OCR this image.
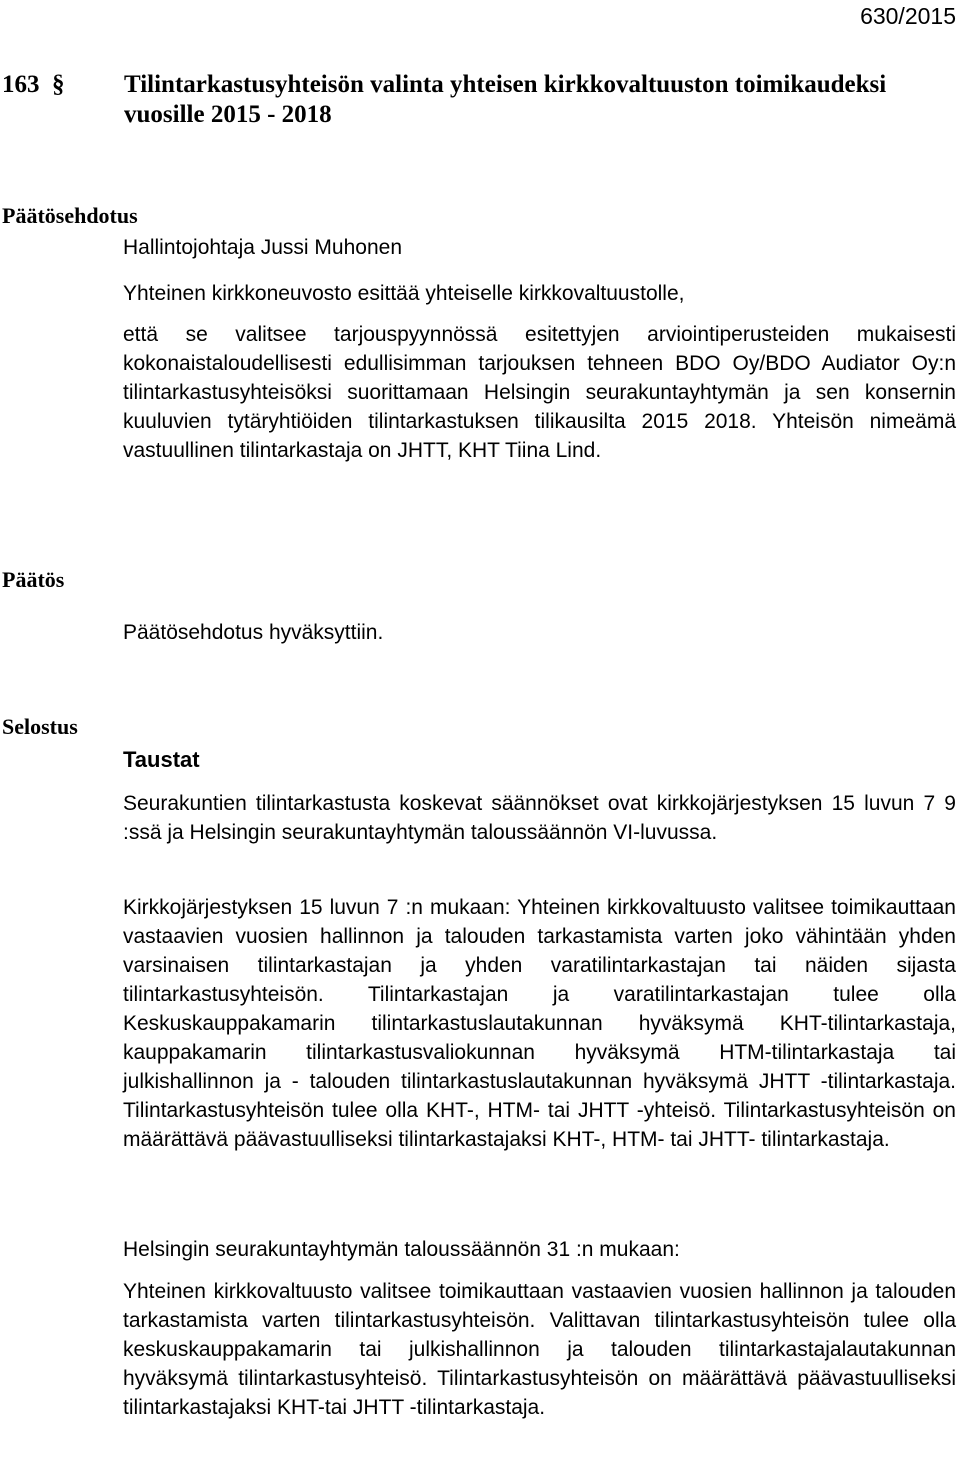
630/2015
163 § Tilintarkastusyhteisön valinta yhteisen kirkkovaltuuston toimikaudeksi vuosille 2015 - 2018
Päätösehdotus
Hallintojohtaja Jussi Muhonen
Yhteinen kirkkoneuvosto esittää yhteiselle kirkkovaltuustolle,
että se valitsee tarjouspyynnössä esitettyjen arviointiperusteiden mukaisesti kokonaistaloudellisesti edullisimman tarjouksen tehneen BDO Oy/BDO Audiator Oy:n tilintarkastusyhteisöksi suorittamaan Helsingin seurakuntayhtymän ja sen konsernin kuuluvien tytäryhtiöiden tilintarkastuksen tilikausilta 2015 2018. Yhteisön nimeämä vastuullinen tilintarkastaja on JHTT, KHT Tiina Lind.
Päätös
Päätösehdotus hyväksyttiin.
Selostus
Taustat
Seurakuntien tilintarkastusta koskevat säännökset ovat kirkkojärjestyksen 15 luvun 7 9 :ssä ja Helsingin seurakuntayhtymän taloussäännön VI-luvussa.
Kirkkojärjestyksen 15 luvun 7 :n mukaan: Yhteinen kirkkovaltuusto valitsee toimikauttaan vastaavien vuosien hallinnon ja talouden tarkastamista varten joko vähintään yhden varsinaisen tilintarkastajan ja yhden varatilintarkastajan tai näiden sijasta tilintarkastusyhteisön. Tilintarkastajan ja varatilintarkastajan tulee olla Keskuskauppakamarin tilintarkastuslautakunnan hyväksymä KHT-tilintarkastaja, kauppakamarin tilintarkastusvaliokunnan hyväksymä HTM-tilintarkastaja tai julkishallinnon ja - talouden tilintarkastuslautakunnan hyväksymä JHTT -tilintarkastaja. Tilintarkastusyhteisön tulee olla KHT-, HTM- tai JHTT -yhteisö. Tilintarkastusyhteisön on määrättävä päävastuulliseksi tilintarkastajaksi KHT-, HTM- tai JHTT- tilintarkastaja.
Helsingin seurakuntayhtymän taloussäännön 31 :n mukaan:
Yhteinen kirkkovaltuusto valitsee toimikauttaan vastaavien vuosien hallinnon ja talouden tarkastamista varten tilintarkastusyhteisön. Valittavan tilintarkastusyhteisön tulee olla keskuskauppakamarin tai julkishallinnon ja talouden tilintarkastajalautakunnan hyväksymä tilintarkastusyhteisö. Tilintarkastusyhteisön on määrättävä päävastuulliseksi tilintarkastajaksi KHT-tai JHTT -tilintarkastaja.
